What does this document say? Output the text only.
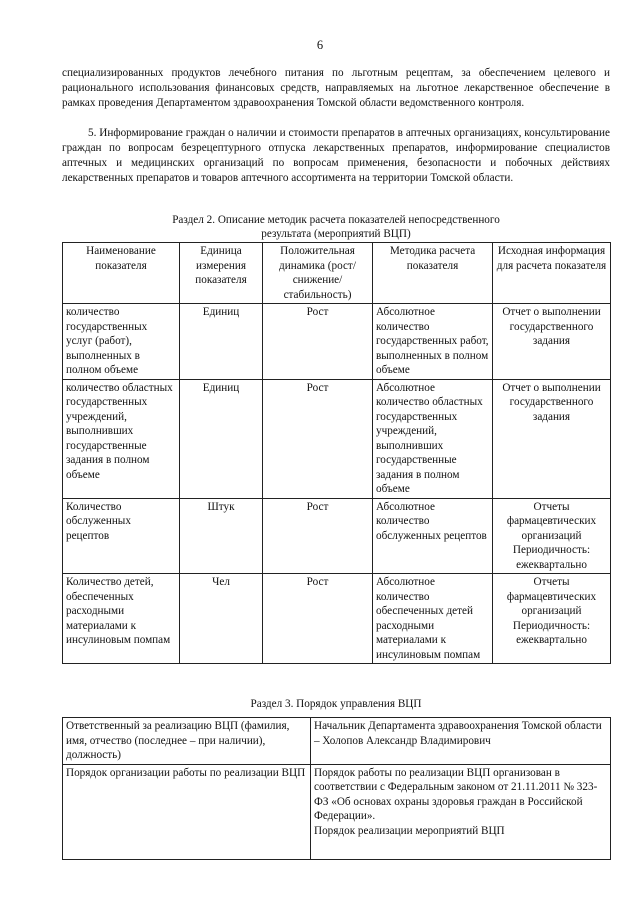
6

специализированных продуктов лечебного питания по льготным рецептам, за обеспечением целевого и рационального использования финансовых средств, направляемых на льготное лекарственное обеспечение в рамках проведения Департаментом здравоохранения Томской области ведомственного контроля.

5. Информирование граждан о наличии и стоимости препаратов в аптечных организациях, консультирование граждан по вопросам безрецептурного отпуска лекарственных препаратов, информирование специалистов аптечных и медицинских организаций по вопросам применения, безопасности и побочных действиях лекарственных препаратов и товаров аптечного ассортимента на территории Томской области.

Раздел 2. Описание методик расчета показателей непосредственного
результата (мероприятий ВЦП)
Наименование показателя	Единица измерения показателя	Положительная динамика (рост/снижение/ стабильность)	Методика расчета показателя	Исходная информация для расчета показателя
количество государственных услуг (работ), выполненных в полном объеме	Единиц	Рост	Абсолютное количество государственных работ, выполненных в полном объеме	Отчет о выполнении государственного задания
количество областных государственных учреждений, выполнивших государственные задания в полном объеме	Единиц	Рост	Абсолютное количество областных государственных учреждений, выполнивших государственные задания в полном объеме	Отчет о выполнении государственного задания
Количество обслуженных рецептов	Штук	Рост	Абсолютное количество обслуженных рецептов	Отчеты фармацевтических организаций Периодичность: ежеквартально
Количество детей, обеспеченных расходными материалами к инсулиновым помпам	Чел	Рост	Абсолютное количество обеспеченных детей расходными материалами к инсулиновым помпам	Отчеты фармацевтических организаций Периодичность: ежеквартально
Раздел 3. Порядок управления ВЦП
Ответственный за реализацию ВЦП (фамилия, имя, отчество (последнее – при наличии), должность)	Начальник Департамента здравоохранения Томской области – Холопов Александр Владимирович
Порядок организации работы по реализации ВЦП	Порядок работы по реализации ВЦП организован в соответствии с Федеральным законом от 21.11.2011 № 323-ФЗ «Об основах охраны здоровья граждан в Российской Федерации».
Порядок реализации мероприятий ВЦП
